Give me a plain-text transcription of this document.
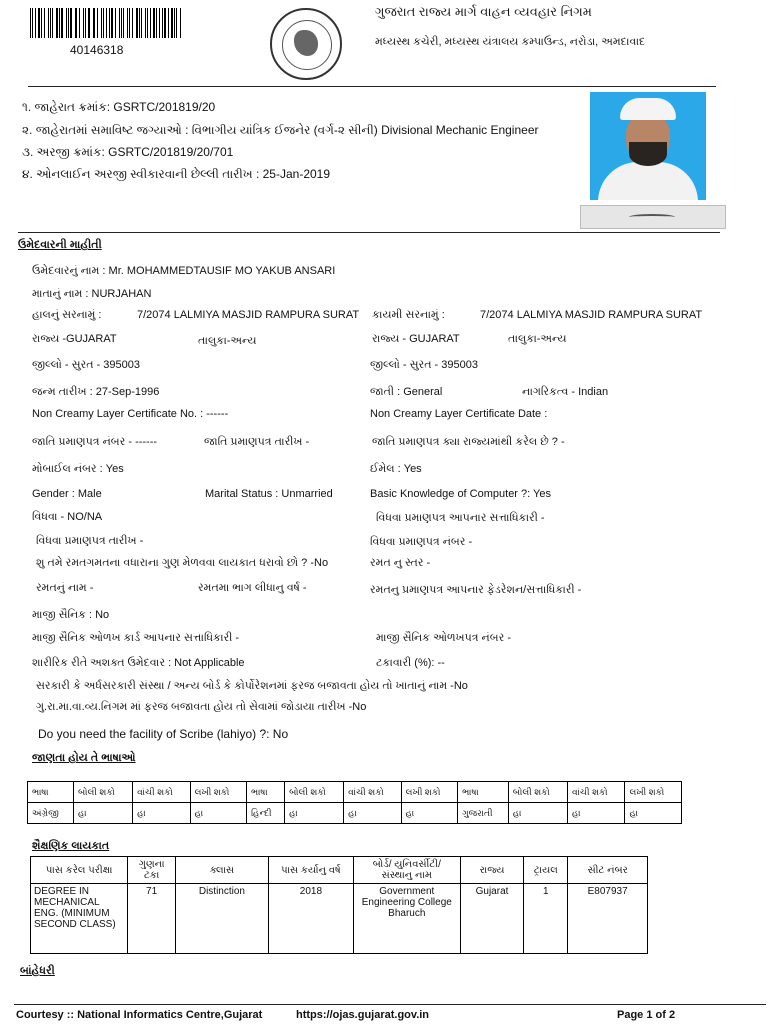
40146318
ગુજરાત રાજ્ય માર્ગ વાહન વ્યવહાર નિગમ
મધ્યસ્થ કચેરી, મધ્યસ્થ યંત્રાલય કમ્પાઉન્ડ, નરોડા, અમદાવાદ
૧. જાહેરાત ક્રમાંક: GSRTC/201819/20
૨. જાહેરાતમાં સમાવિષ્ટ જગ્યાઓ : વિભાગીય યાંત્રિક ઈજનેર (વર્ગ-૨ સીની) Divisional Mechanic Engineer
૩. અરજી ક્રમાંક: GSRTC/201819/20/701
૪. ઓનલાઈન અરજી સ્વીકારવાની છેલ્લી તારીખ : 25-Jan-2019
ઉમેદવારની માહીતી
ઉમેદવારનું નામ : Mr. MOHAMMEDTAUSIF MO YAKUB ANSARI
માતાનું નામ : NURJAHAN
હાલનું સરનામું :	7/2074 LALMIYA MASJID RAMPURA SURAT કાયમી સરનામું :	7/2074 LALMIYA MASJID RAMPURA SURAT
રાજ્ય -GUJARAT	તાલુકા-અન્ય	રાજ્ય - GUJARAT	તાલુકા-અન્ય
જીલ્લો - સુરત - 395003	જીલ્લો - સુરત - 395003
જન્મ તારીખ : 27-Sep-1996	જાતી : General	નાગરિકત્વ - Indian
Non Creamy Layer Certificate No. : ------	Non Creamy Layer Certificate Date :
જાતિ પ્રમાણપત્ર નંબર - ------	જાતિ પ્રમાણપત્ર તારીખ -	જાતિ પ્રમાણપત્ર ક્યા રાજ્યમાંથી કરેલ છે ? -
મોબાઈલ નંબર : Yes	ઈમેલ : Yes
Gender : Male	Marital Status : Unmarried	Basic Knowledge of Computer ?: Yes
વિધવા - NO/NA	વિધવા પ્રમાણપત્ર આપનાર સત્તાધિકારી -
વિધવા પ્રમાણપત્ર તારીખ -	વિધવા પ્રમાણપત્ર નંબર -
શુ તમે રમતગમતના વધારાના ગુણ મેળવવા લાયકાત ધરાવો છો ? -No	રમત નુ સ્તર -
રમતનું નામ -	રમતમા ભાગ લીધાનુ વર્ષ -	રમતનુ પ્રમાણપત્ર આપનાર ફેડરેશન/સત્તાધિકારી -
માજી સૈનિક : No
માજી સૈનિક ઓળખ કાર્ડ આપનાર સત્તાધિકારી -	માજી સૈનિક ઓળખપત્ર નંબર -
શારીરિક રીતે અશક્ત ઉમેદવાર : Not Applicable	ટકાવારી (%): --
સરકારી કે અર્ધસરકારી સંસ્થા / અન્ય બોર્ડ કે કોર્પોરેશનમાં ફરજ બજાવતા હોય તો ખાતાનું નામ -No
ગુ.રા.મા.વા.વ્ય.નિગમ માં ફરજ બજાવતા હોય તો સેવામાં જોડાયા તારીખ -No
Do you need the facility of Scribe (lahiyo) ?: No
જાણતા હોય તે ભાષાઓ
ભાષા	બોલી શકો	વાંચી શકો	લખી શકો	ભાષા	બોલી શકો	વાંચી શકો	લખી શકો	ભાષા	બોલી શકો	વાંચી શકો	લખી શકો
અંગ્રેજી	હા	હા	હા	હિન્દી	હા	હા	હા	ગુજરાતી	હા	હા	હા
શૈક્ષણિક લાયકાત
પાસ કરેલ પરીક્ષા	ગુણના ટકા	ક્લાસ	પાસ કર્યાનુ વર્ષ	બોર્ડ/ યુનિવર્સીટી/ સંસ્થાનુ નામ	રાજ્ય	ટ્રાયલ	સીટ નંબર
DEGREE IN MECHANICAL ENG. (MINIMUM SECOND CLASS)	71	Distinction	2018	Government Engineering College Bharuch	Gujarat	1	E807937
બાંહેધરી
Courtesy :: National Informatics Centre,Gujarat	https://ojas.gujarat.gov.in	Page 1 of 2
